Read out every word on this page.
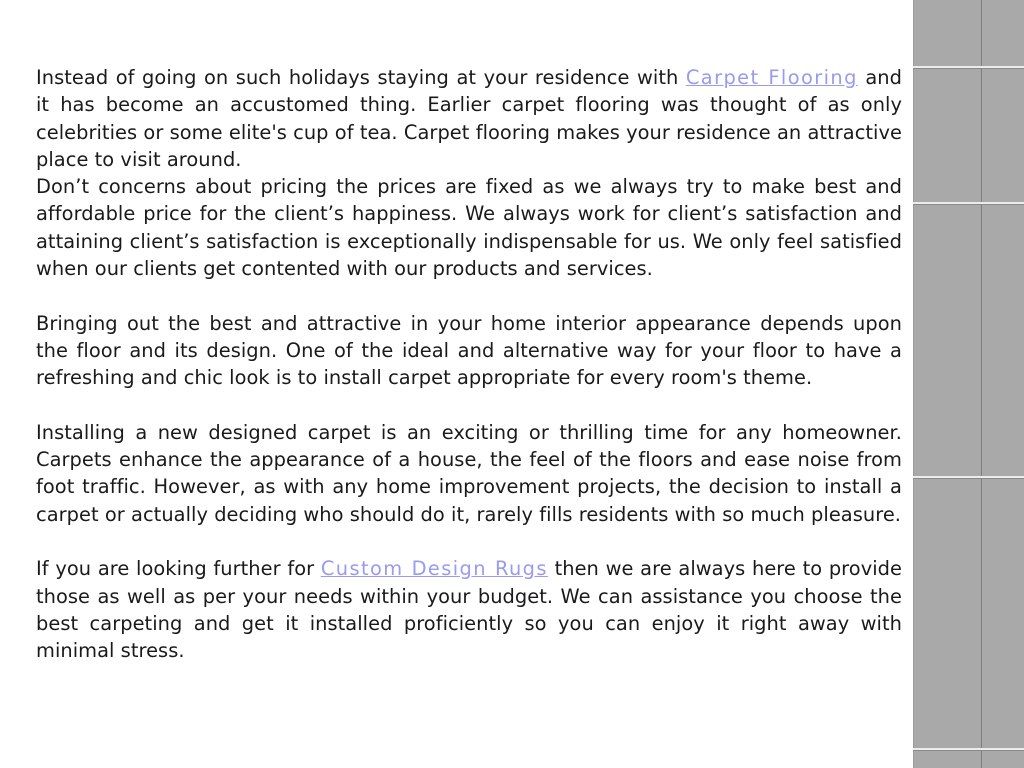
Instead of going on such holidays staying at your residence with Carpet Flooring and it has become an accustomed thing. Earlier carpet flooring was thought of as only celebrities or some elite's cup of tea. Carpet flooring makes your residence an attractive place to visit around.

Don’t concerns about pricing the prices are fixed as we always try to make best and affordable price for the client’s happiness. We always work for client’s satisfaction and attaining client’s satisfaction is exceptionally indispensable for us. We only feel satisfied when our clients get contented with our products and services.

Bringing out the best and attractive in your home interior appearance depends upon the floor and its design. One of the ideal and alternative way for your floor to have a refreshing and chic look is to install carpet appropriate for every room's theme.

Installing a new designed carpet is an exciting or thrilling time for any homeowner. Carpets enhance the appearance of a house, the feel of the floors and ease noise from foot traffic. However, as with any home improvement projects, the decision to install a carpet or actually deciding who should do it, rarely fills residents with so much pleasure.

If you are looking further for Custom Design Rugs then we are always here to provide those as well as per your needs within your budget. We can assistance you choose the best carpeting and get it installed proficiently so you can enjoy it right away with minimal stress.
